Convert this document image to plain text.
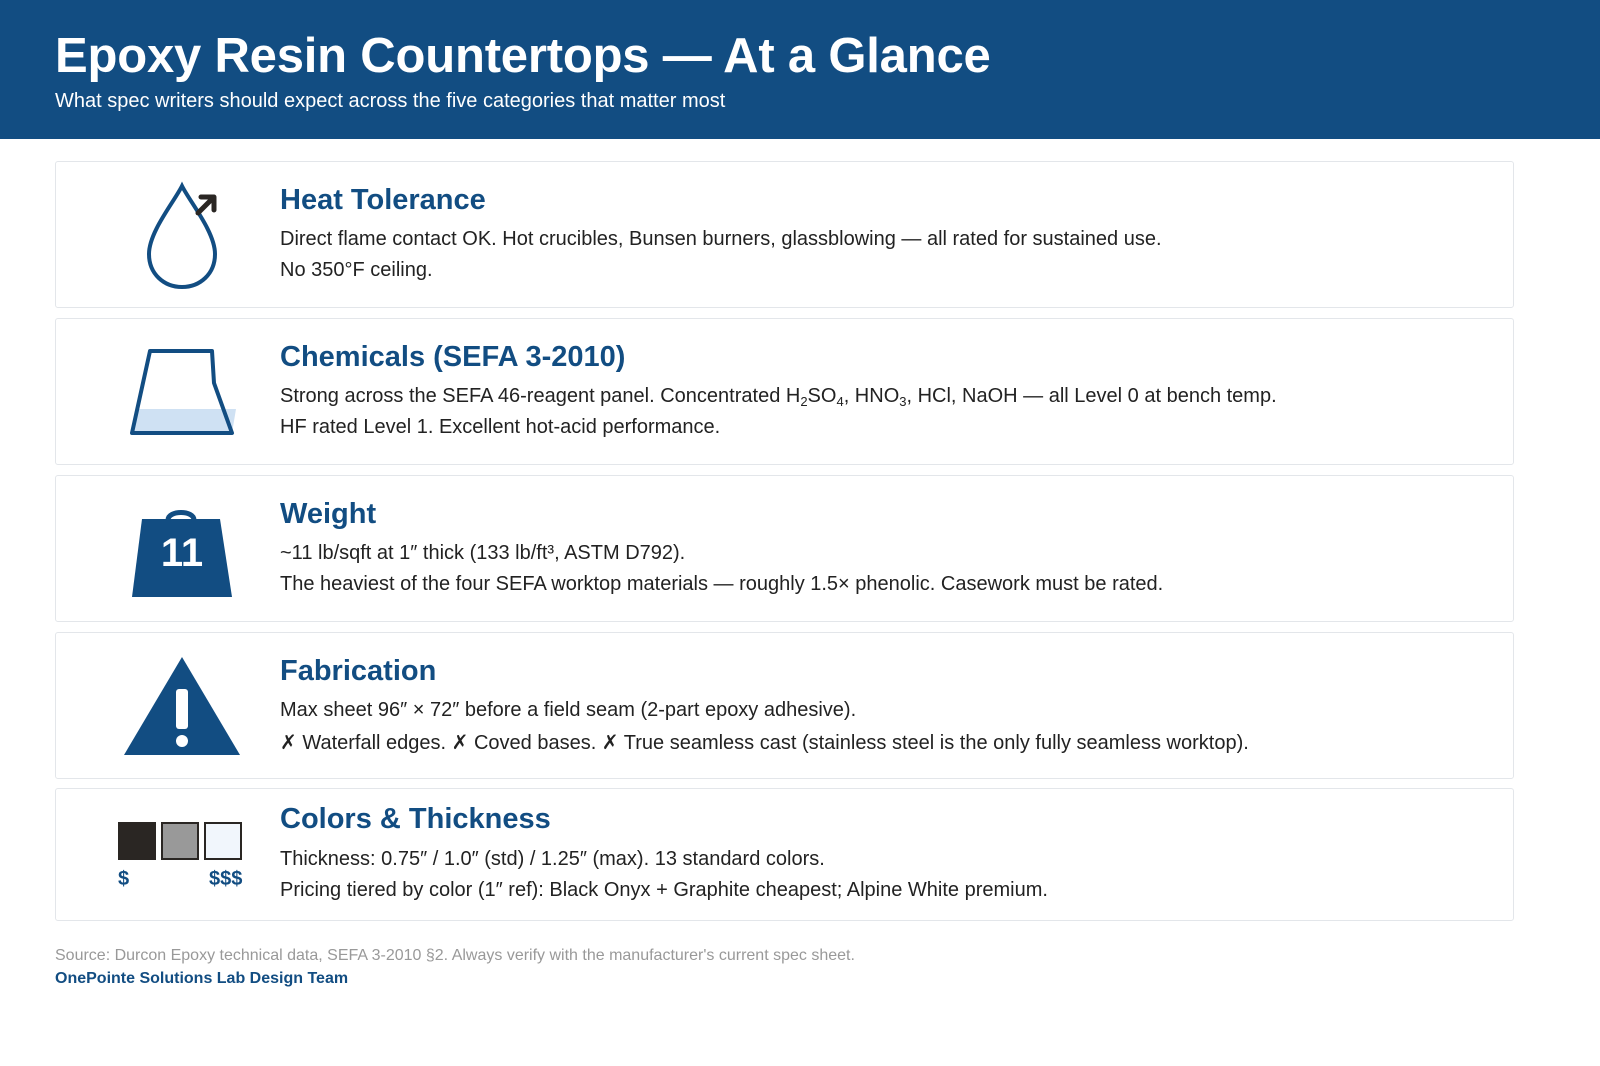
Epoxy Resin Countertops — At a Glance
What spec writers should expect across the five categories that matter most
Heat Tolerance
Direct flame contact OK. Hot crucibles, Bunsen burners, glassblowing — all rated for sustained use.
No 350°F ceiling.
Chemicals (SEFA 3-2010)
Strong across the SEFA 46-reagent panel. Concentrated $H_2SO_4$, $HNO_3$, HCl, NaOH — all Level 0 at bench temp.
HF rated Level 1. Excellent hot-acid performance.
11
Weight
~11 lb/sqft at 1″ thick (133 lb/ft³, ASTM D792).
The heaviest of the four SEFA worktop materials — roughly 1.5× phenolic. Casework must be rated.
Fabrication
Max sheet 96″ × 72″ before a field seam (2-part epoxy adhesive).
✗ Waterfall edges. ✗ Coved bases. ✗ True seamless cast (stainless steel is the only fully seamless worktop).
$	$$$
Colors & Thickness
Thickness: 0.75″ / 1.0″ (std) / 1.25″ (max). 13 standard colors.
Pricing tiered by color (1″ ref): Black Onyx + Graphite cheapest; Alpine White premium.
Source: Durcon Epoxy technical data, SEFA 3-2010 §2. Always verify with the manufacturer's current spec sheet.
OnePointe Solutions Lab Design Team
